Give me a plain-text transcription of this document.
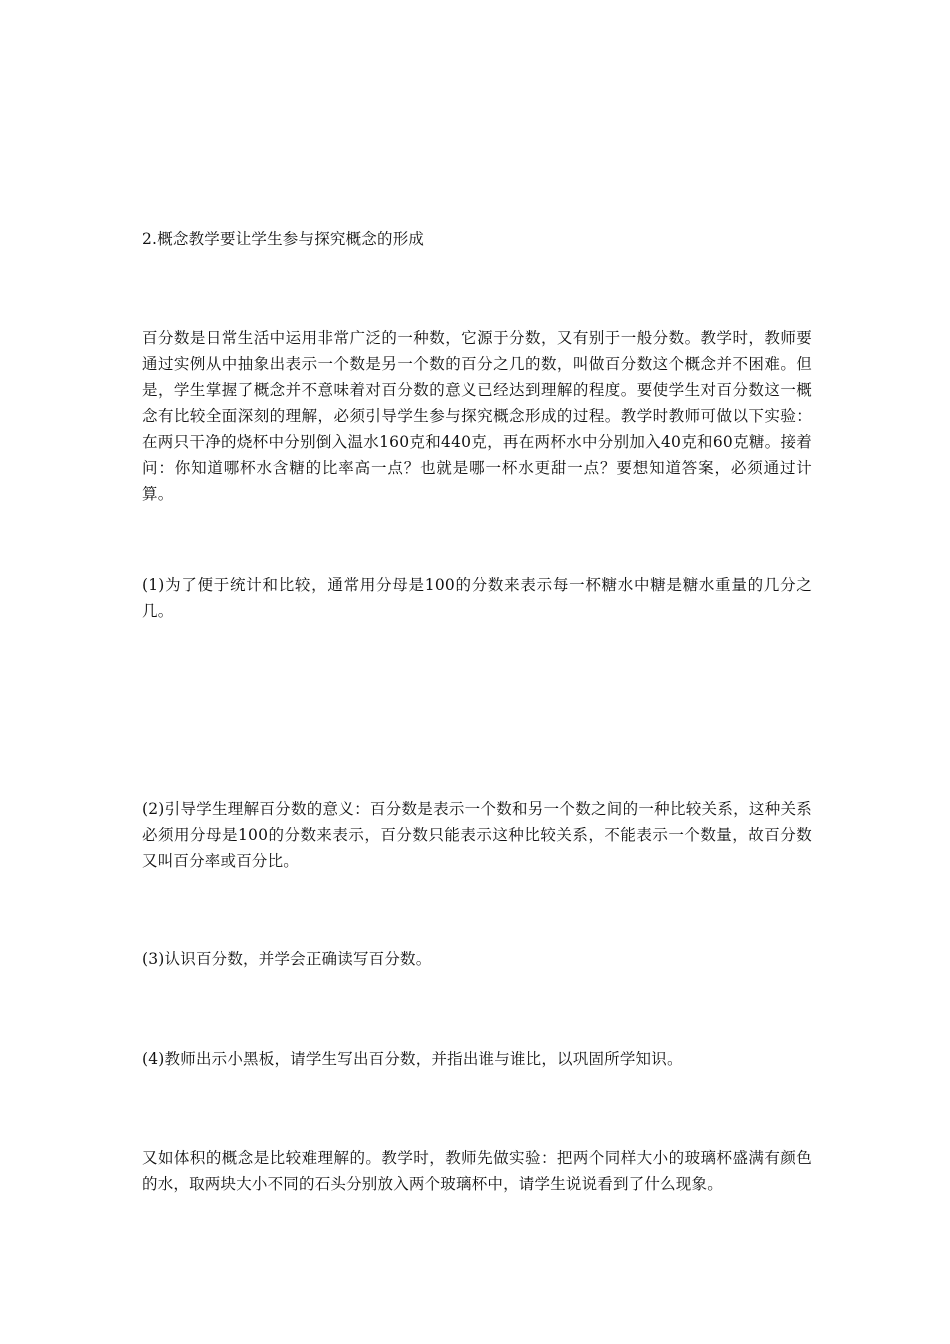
2.概念教学要让学生参与探究概念的形成

百分数是日常生活中运用非常广泛的一种数，它源于分数，又有别于一般分数。教学时，教师要通过实例从中抽象出表示一个数是另一个数的百分之几的数，叫做百分数这个概念并不困难。但是，学生掌握了概念并不意味着对百分数的意义已经达到理解的程度。要使学生对百分数这一概念有比较全面深刻的理解，必须引导学生参与探究概念形成的过程。教学时教师可做以下实验：在两只干净的烧杯中分别倒入温水160克和440克，再在两杯水中分别加入40克和60克糖。接着问：你知道哪杯水含糖的比率高一点？也就是哪一杯水更甜一点？要想知道答案，必须通过计算。

(1)为了便于统计和比较，通常用分母是100的分数来表示每一杯糖水中糖是糖水重量的几分之几。

(2)引导学生理解百分数的意义：百分数是表示一个数和另一个数之间的一种比较关系，这种关系必须用分母是100的分数来表示，百分数只能表示这种比较关系，不能表示一个数量，故百分数又叫百分率或百分比。

(3)认识百分数，并学会正确读写百分数。

(4)教师出示小黑板，请学生写出百分数，并指出谁与谁比，以巩固所学知识。

又如体积的概念是比较难理解的。教学时，教师先做实验：把两个同样大小的玻璃杯盛满有颜色的水，取两块大小不同的石头分别放入两个玻璃杯中，请学生说说看到了什么现象。
